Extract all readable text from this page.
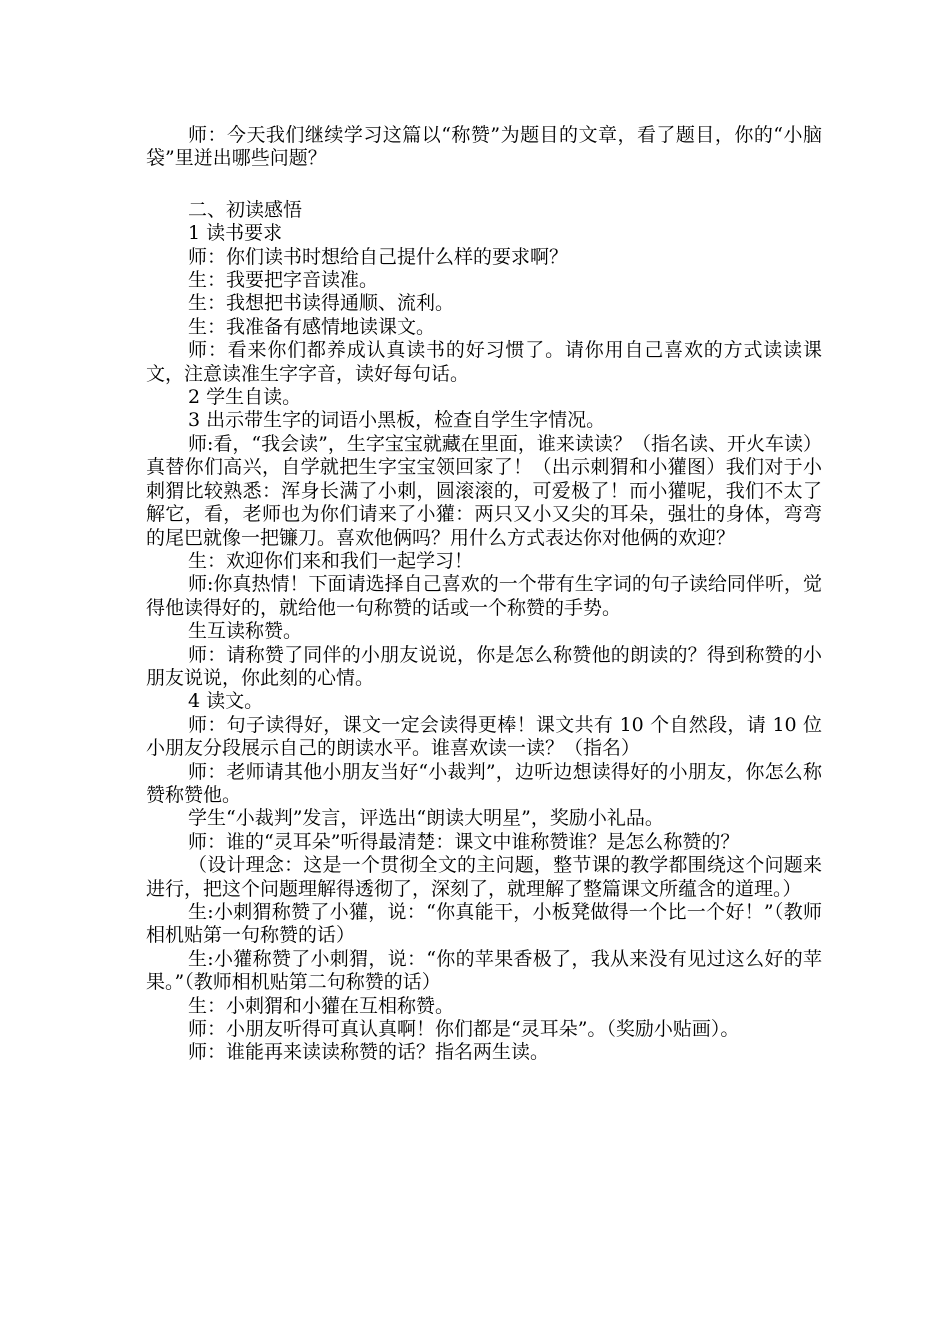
师：今天我们继续学习这篇以“称赞”为题目的文章，看了题目，你的“小脑袋”里迸出哪些问题？

二、初读感悟

1 读书要求

师：你们读书时想给自己提什么样的要求啊？

生：我要把字音读准。

生：我想把书读得通顺、流利。

生：我准备有感情地读课文。

师：看来你们都养成认真读书的好习惯了。请你用自己喜欢的方式读读课文，注意读准生字字音，读好每句话。

2 学生自读。

3 出示带生字的词语小黑板，检查自学生字情况。

师:看，“我会读”，生字宝宝就藏在里面，谁来读读？（指名读、开火车读）真替你们高兴，自学就把生字宝宝领回家了！（出示刺猬和小獾图）我们对于小刺猬比较熟悉：浑身长满了小刺，圆滚滚的，可爱极了！而小獾呢，我们不太了解它，看，老师也为你们请来了小獾：两只又小又尖的耳朵，强壮的身体，弯弯的尾巴就像一把镰刀。喜欢他俩吗？用什么方式表达你对他俩的欢迎？

生：欢迎你们来和我们一起学习！

师:你真热情！下面请选择自己喜欢的一个带有生字词的句子读给同伴听，觉得他读得好的，就给他一句称赞的话或一个称赞的手势。

生互读称赞。

师：请称赞了同伴的小朋友说说，你是怎么称赞他的朗读的？得到称赞的小朋友说说，你此刻的心情。

4 读文。

师：句子读得好，课文一定会读得更棒！课文共有 10 个自然段，请 10 位小朋友分段展示自己的朗读水平。谁喜欢读一读？（指名）

师：老师请其他小朋友当好“小裁判”，边听边想读得好的小朋友，你怎么称赞称赞他。

学生“小裁判”发言，评选出“朗读大明星”，奖励小礼品。

师：谁的“灵耳朵”听得最清楚：课文中谁称赞谁？是怎么称赞的？

（设计理念：这是一个贯彻全文的主问题，整节课的教学都围绕这个问题来进行，把这个问题理解得透彻了，深刻了，就理解了整篇课文所蕴含的道理。）

生:小刺猬称赞了小獾，说：“你真能干，小板凳做得一个比一个好！”（教师相机贴第一句称赞的话）

生:小獾称赞了小刺猬，说：“你的苹果香极了，我从来没有见过这么好的苹果。”（教师相机贴第二句称赞的话）

生：小刺猬和小獾在互相称赞。

师：小朋友听得可真认真啊！你们都是“灵耳朵”。（奖励小贴画）。

师：谁能再来读读称赞的话？指名两生读。
